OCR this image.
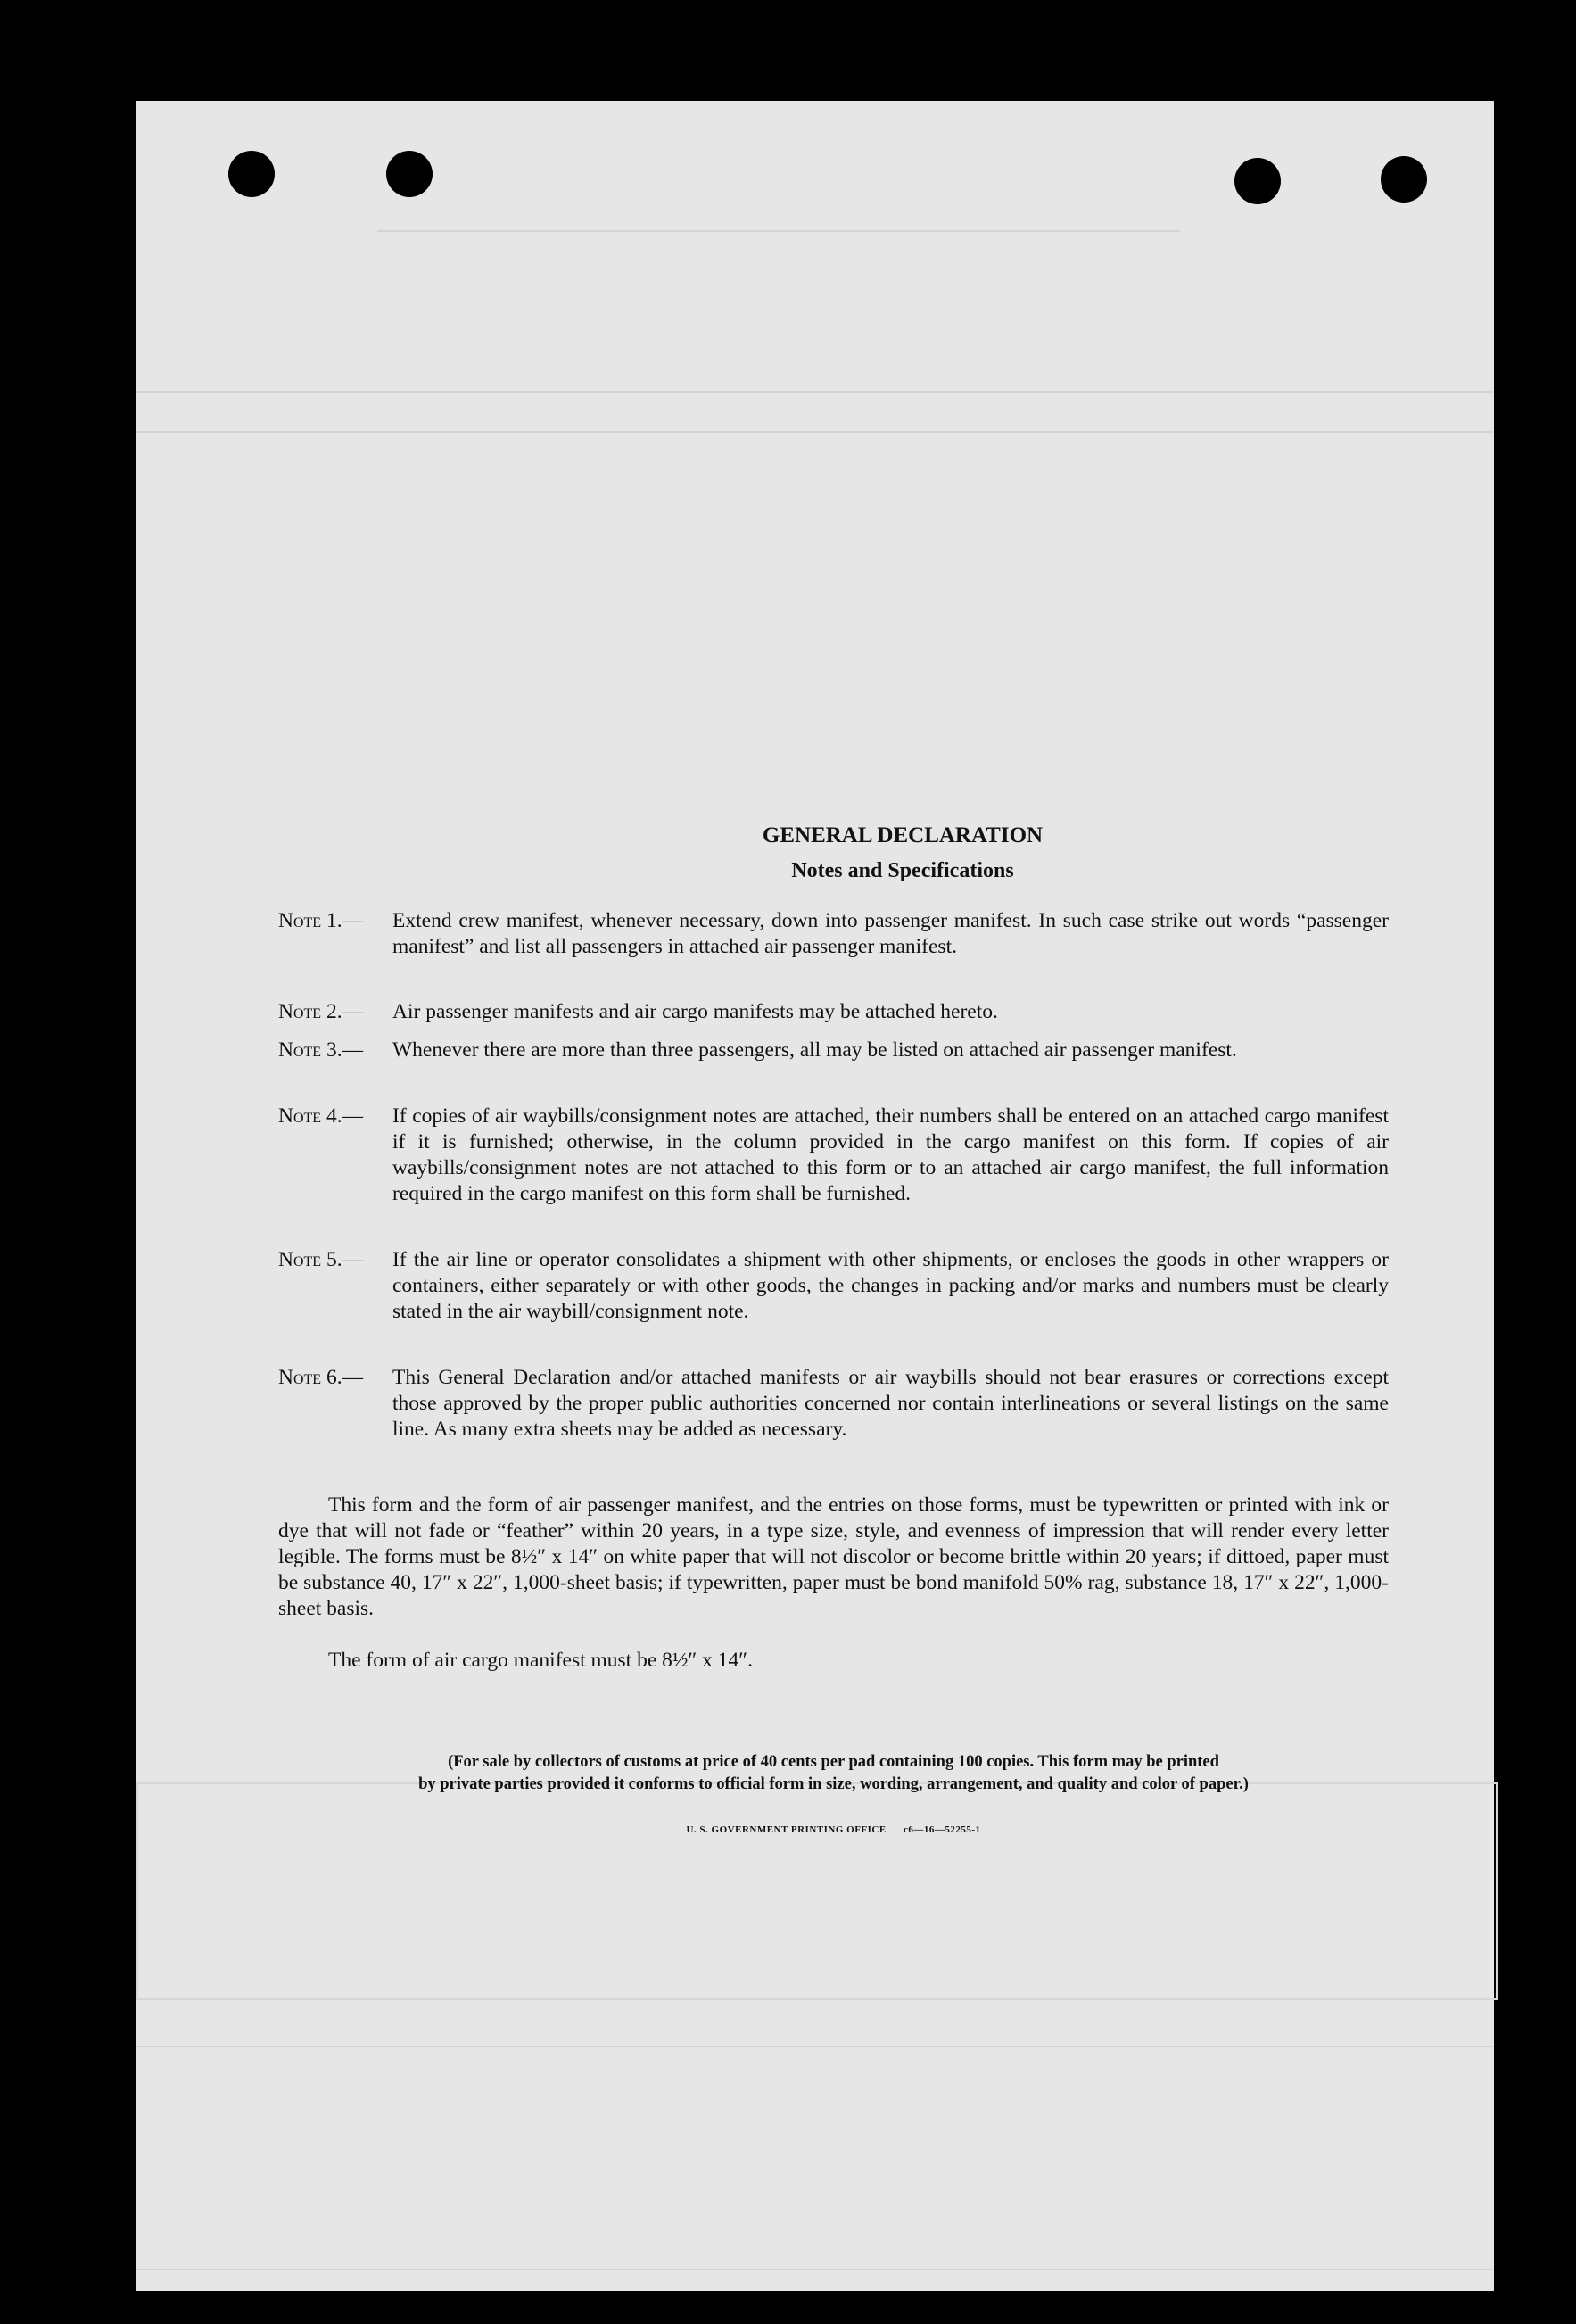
GENERAL DECLARATION
Notes and Specifications
Note 1.—	Extend crew manifest, whenever necessary, down into passenger manifest. In such case strike out words “passenger manifest” and list all passengers in attached air passenger manifest.
Note 2.—	Air passenger manifests and air cargo manifests may be attached hereto.
Note 3.—	Whenever there are more than three passengers, all may be listed on attached air passenger manifest.
Note 4.—	If copies of air waybills/consignment notes are attached, their numbers shall be entered on an attached cargo manifest if it is furnished; otherwise, in the column provided in the cargo manifest on this form. If copies of air waybills/consignment notes are not attached to this form or to an attached air cargo manifest, the full information required in the cargo manifest on this form shall be furnished.
Note 5.—	If the air line or operator consolidates a shipment with other shipments, or encloses the goods in other wrappers or containers, either separately or with other goods, the changes in packing and/or marks and numbers must be clearly stated in the air waybill/consignment note.
Note 6.—	This General Declaration and/or attached manifests or air waybills should not bear erasures or corrections except those approved by the proper public authorities concerned nor contain interlineations or several listings on the same line. As many extra sheets may be added as necessary.
This form and the form of air passenger manifest, and the entries on those forms, must be typewritten or printed with ink or dye that will not fade or “feather” within 20 years, in a type size, style, and evenness of impression that will render every letter legible. The forms must be 8½″ x 14″ on white paper that will not discolor or become brittle within 20 years; if dittoed, paper must be substance 40, 17″ x 22″, 1,000-sheet basis; if typewritten, paper must be bond manifold 50% rag, substance 18, 17″ x 22″, 1,000-sheet basis.
The form of air cargo manifest must be 8½″ x 14″.
(For sale by collectors of customs at price of 40 cents per pad containing 100 copies. This form may be printed
by private parties provided it conforms to official form in size, wording, arrangement, and quality and color of paper.)
U. S. GOVERNMENT PRINTING OFFICE c6—16—52255-1
